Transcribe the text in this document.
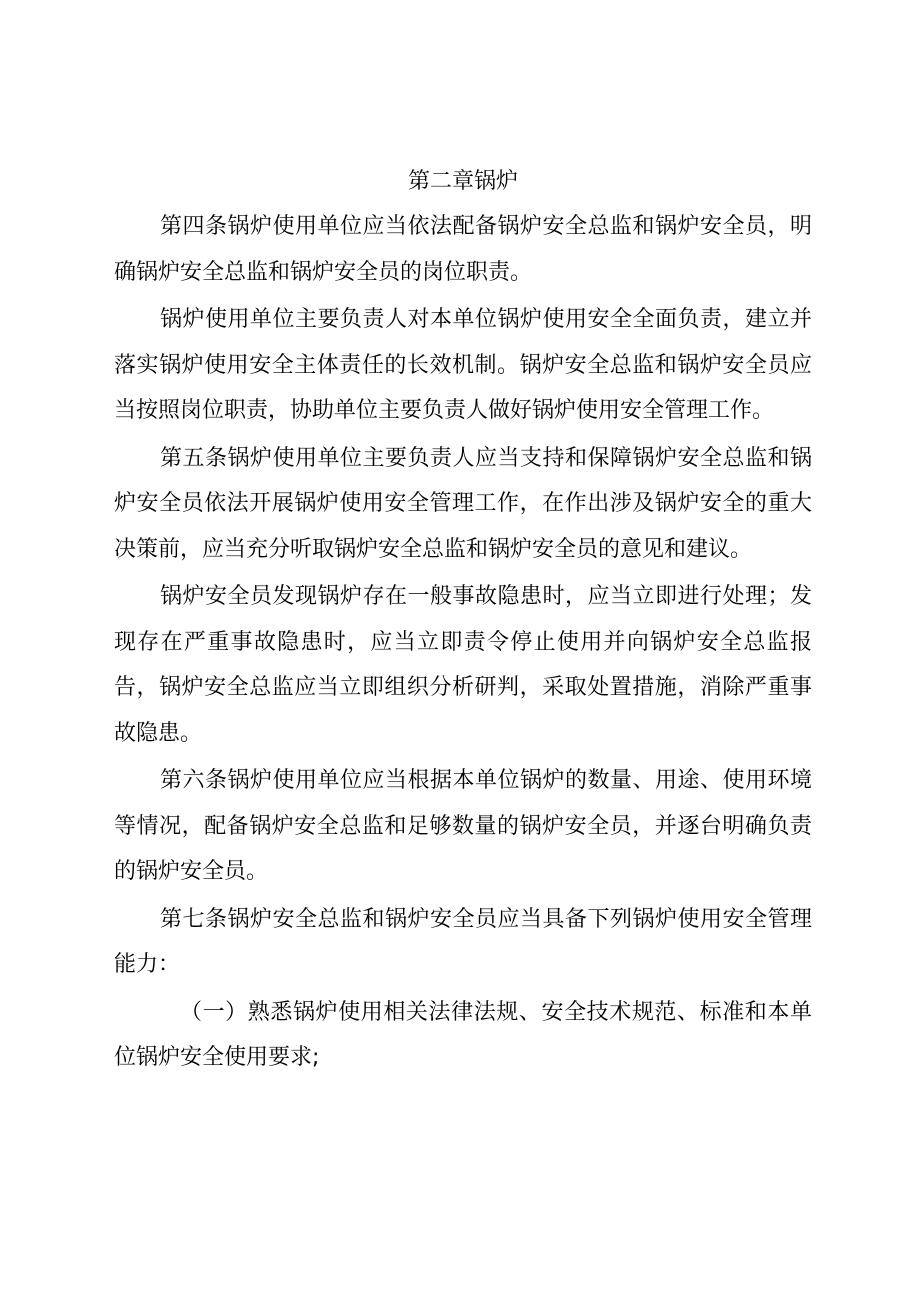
第二章锅炉

第四条锅炉使用单位应当依法配备锅炉安全总监和锅炉安全员，明确锅炉安全总监和锅炉安全员的岗位职责。

锅炉使用单位主要负责人对本单位锅炉使用安全全面负责，建立并落实锅炉使用安全主体责任的长效机制。锅炉安全总监和锅炉安全员应当按照岗位职责，协助单位主要负责人做好锅炉使用安全管理工作。

第五条锅炉使用单位主要负责人应当支持和保障锅炉安全总监和锅炉安全员依法开展锅炉使用安全管理工作，在作出涉及锅炉安全的重大决策前，应当充分听取锅炉安全总监和锅炉安全员的意见和建议。

锅炉安全员发现锅炉存在一般事故隐患时，应当立即进行处理；发现存在严重事故隐患时，应当立即责令停止使用并向锅炉安全总监报告，锅炉安全总监应当立即组织分析研判，采取处置措施，消除严重事故隐患。

第六条锅炉使用单位应当根据本单位锅炉的数量、用途、使用环境等情况，配备锅炉安全总监和足够数量的锅炉安全员，并逐台明确负责的锅炉安全员。

第七条锅炉安全总监和锅炉安全员应当具备下列锅炉使用安全管理能力：

（一）熟悉锅炉使用相关法律法规、安全技术规范、标准和本单位锅炉安全使用要求;
